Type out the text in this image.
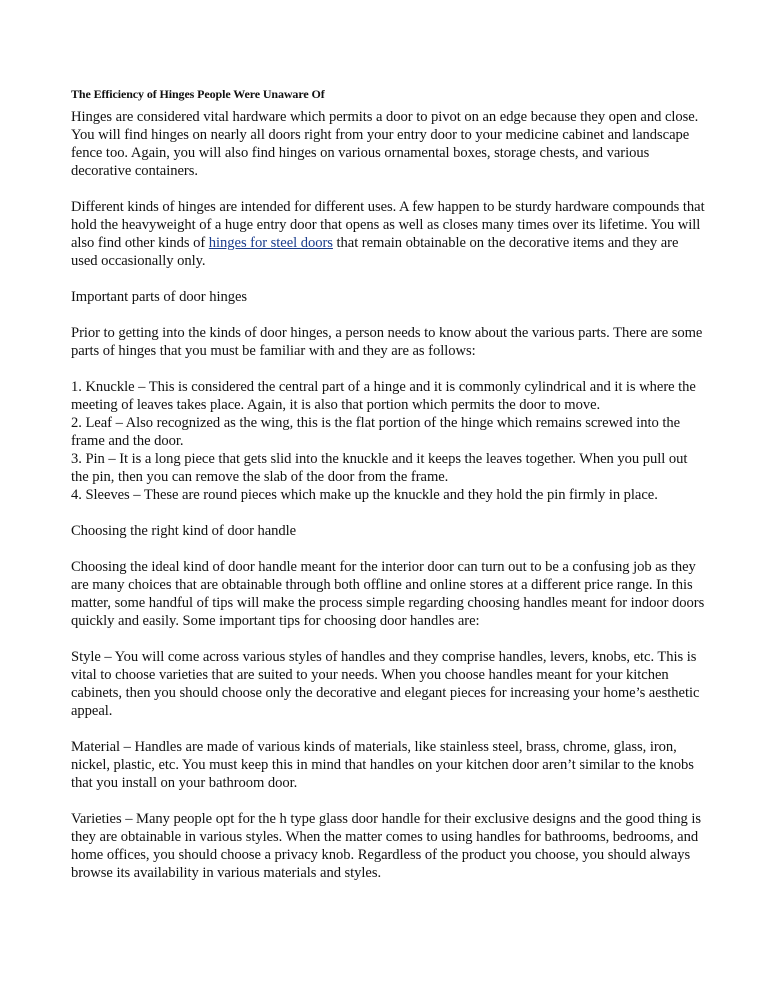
The Efficiency of Hinges People Were Unaware Of

Hinges are considered vital hardware which permits a door to pivot on an edge because they open and close. You will find hinges on nearly all doors right from your entry door to your medicine cabinet and landscape fence too. Again, you will also find hinges on various ornamental boxes, storage chests, and various decorative containers.

Different kinds of hinges are intended for different uses. A few happen to be sturdy hardware compounds that hold the heavyweight of a huge entry door that opens as well as closes many times over its lifetime. You will also find other kinds of hinges for steel doors that remain obtainable on the decorative items and they are used occasionally only.

Important parts of door hinges

Prior to getting into the kinds of door hinges, a person needs to know about the various parts. There are some parts of hinges that you must be familiar with and they are as follows:

1. Knuckle – This is considered the central part of a hinge and it is commonly cylindrical and it is where the meeting of leaves takes place. Again, it is also that portion which permits the door to move.

2. Leaf – Also recognized as the wing, this is the flat portion of the hinge which remains screwed into the frame and the door.

3. Pin – It is a long piece that gets slid into the knuckle and it keeps the leaves together. When you pull out the pin, then you can remove the slab of the door from the frame.

4. Sleeves – These are round pieces which make up the knuckle and they hold the pin firmly in place.

Choosing the right kind of door handle

Choosing the ideal kind of door handle meant for the interior door can turn out to be a confusing job as they are many choices that are obtainable through both offline and online stores at a different price range. In this matter, some handful of tips will make the process simple regarding choosing handles meant for indoor doors quickly and easily. Some important tips for choosing door handles are:

Style – You will come across various styles of handles and they comprise handles, levers, knobs, etc. This is vital to choose varieties that are suited to your needs. When you choose handles meant for your kitchen cabinets, then you should choose only the decorative and elegant pieces for increasing your home’s aesthetic appeal.

Material – Handles are made of various kinds of materials, like stainless steel, brass, chrome, glass, iron, nickel, plastic, etc. You must keep this in mind that handles on your kitchen door aren’t similar to the knobs that you install on your bathroom door.

Varieties – Many people opt for the h type glass door handle for their exclusive designs and the good thing is they are obtainable in various styles. When the matter comes to using handles for bathrooms, bedrooms, and home offices, you should choose a privacy knob. Regardless of the product you choose, you should always browse its availability in various materials and styles.
